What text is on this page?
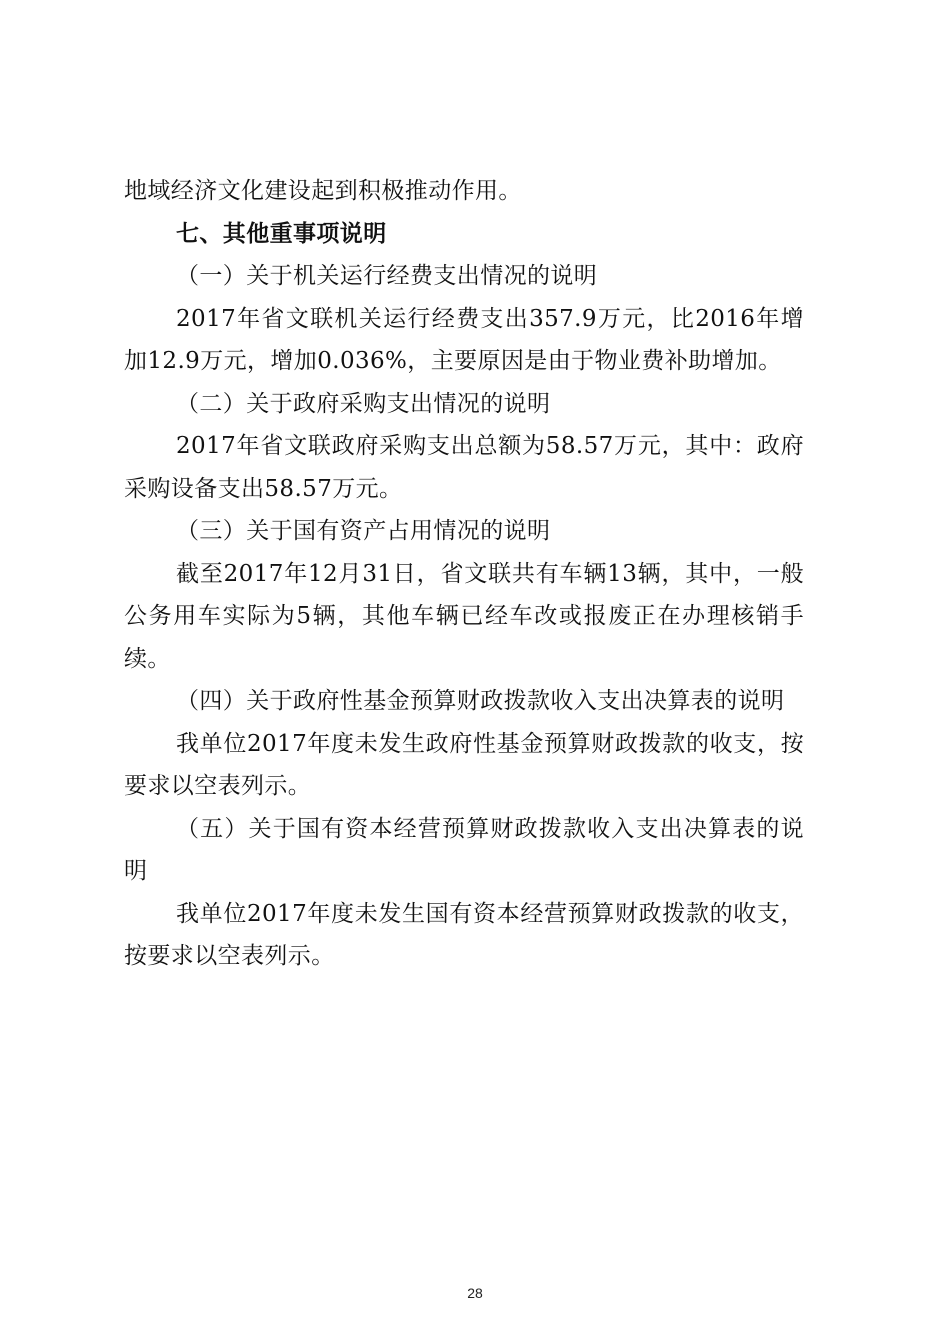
地域经济文化建设起到积极推动作用。

七、其他重事项说明

（一）关于机关运行经费支出情况的说明

2017年省文联机关运行经费支出357.9万元，比2016年增加12.9万元，增加0.036%，主要原因是由于物业费补助增加。

（二）关于政府采购支出情况的说明

2017年省文联政府采购支出总额为58.57万元，其中：政府采购设备支出58.57万元。

（三）关于国有资产占用情况的说明

截至2017年12月31日，省文联共有车辆13辆，其中，一般公务用车实际为5辆，其他车辆已经车改或报废正在办理核销手续。

（四）关于政府性基金预算财政拨款收入支出决算表的说明

我单位2017年度未发生政府性基金预算财政拨款的收支，按要求以空表列示。

（五）关于国有资本经营预算财政拨款收入支出决算表的说明

我单位2017年度未发生国有资本经营预算财政拨款的收支，按要求以空表列示。

28
